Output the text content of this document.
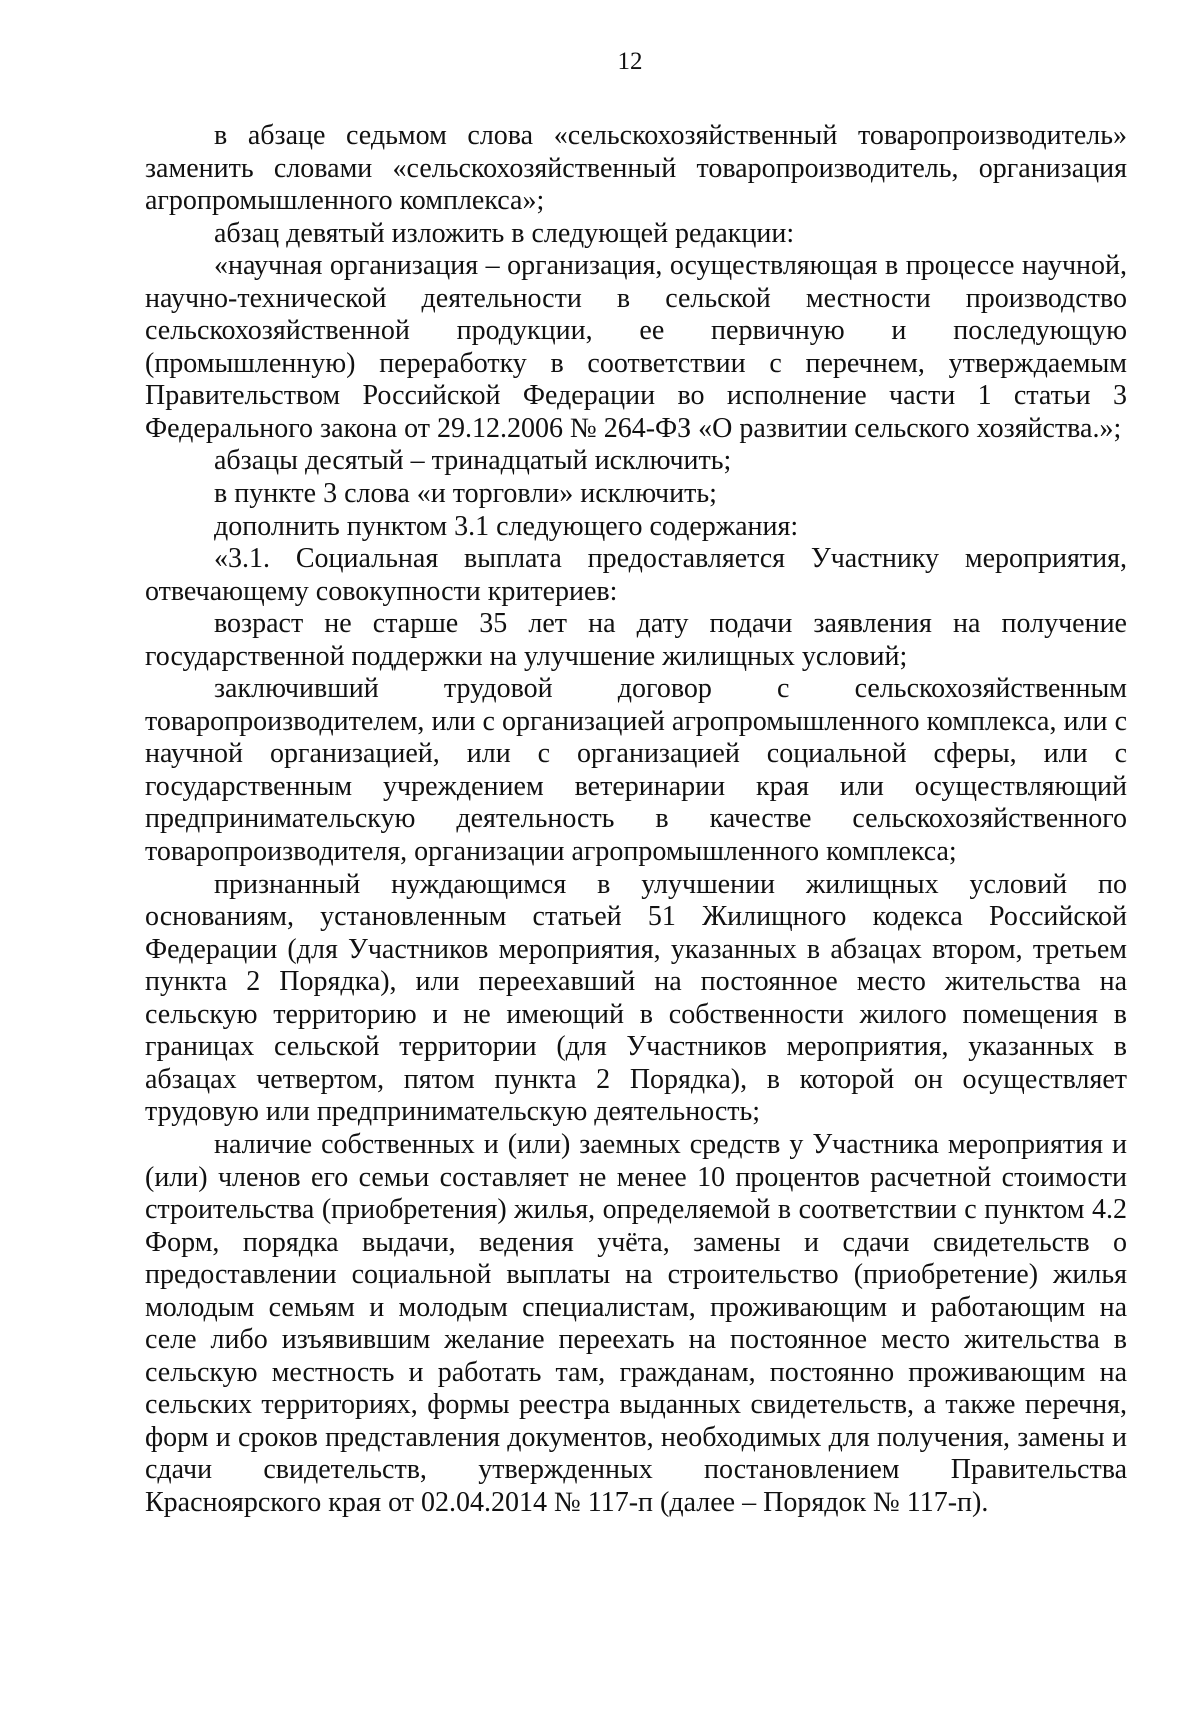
12

в абзаце седьмом слова «сельскохозяйственный товаропроизводитель» заменить словами «сельскохозяйственный товаропроизводитель, организация агропромышленного комплекса»;

абзац девятый изложить в следующей редакции:

«научная организация – организация, осуществляющая в процессе научной, научно-технической деятельности в сельской местности производство сельскохозяйственной продукции, ее первичную и последующую (промышленную) переработку в соответствии с перечнем, утверждаемым Правительством Российской Федерации во исполнение части 1 статьи 3 Федерального закона от 29.12.2006 № 264-ФЗ «О развитии сельского хозяйства.»;

абзацы десятый – тринадцатый исключить;

в пункте 3 слова «и торговли» исключить;

дополнить пунктом 3.1 следующего содержания:

«3.1. Социальная выплата предоставляется Участнику мероприятия, отвечающему совокупности критериев:

возраст не старше 35 лет на дату подачи заявления на получение государственной поддержки на улучшение жилищных условий;

заключивший трудовой договор с сельскохозяйственным товаропроизводителем, или с организацией агропромышленного комплекса, или с научной организацией, или с организацией социальной сферы, или с государственным учреждением ветеринарии края или осуществляющий предпринимательскую деятельность в качестве сельскохозяйственного товаропроизводителя, организации агропромышленного комплекса;

признанный нуждающимся в улучшении жилищных условий по основаниям, установленным статьей 51 Жилищного кодекса Российской Федерации (для Участников мероприятия, указанных в абзацах втором, третьем пункта 2 Порядка), или переехавший на постоянное место жительства на сельскую территорию и не имеющий в собственности жилого помещения в границах сельской территории (для Участников мероприятия, указанных в абзацах четвертом, пятом пункта 2 Порядка), в которой он осуществляет трудовую или предпринимательскую деятельность;

наличие собственных и (или) заемных средств у Участника мероприятия и (или) членов его семьи составляет не менее 10 процентов расчетной стоимости строительства (приобретения) жилья, определяемой в соответствии с пунктом 4.2 Форм, порядка выдачи, ведения учёта, замены и сдачи свидетельств о предоставлении социальной выплаты на строительство (приобретение) жилья молодым семьям и молодым специалистам, проживающим и работающим на селе либо изъявившим желание переехать на постоянное место жительства в сельскую местность и работать там, гражданам, постоянно проживающим на сельских территориях, формы реестра выданных свидетельств, а также перечня, форм и сроков представления документов, необходимых для получения, замены и сдачи свидетельств, утвержденных постановлением Правительства Красноярского края от 02.04.2014 № 117-п (далее – Порядок № 117-п).
